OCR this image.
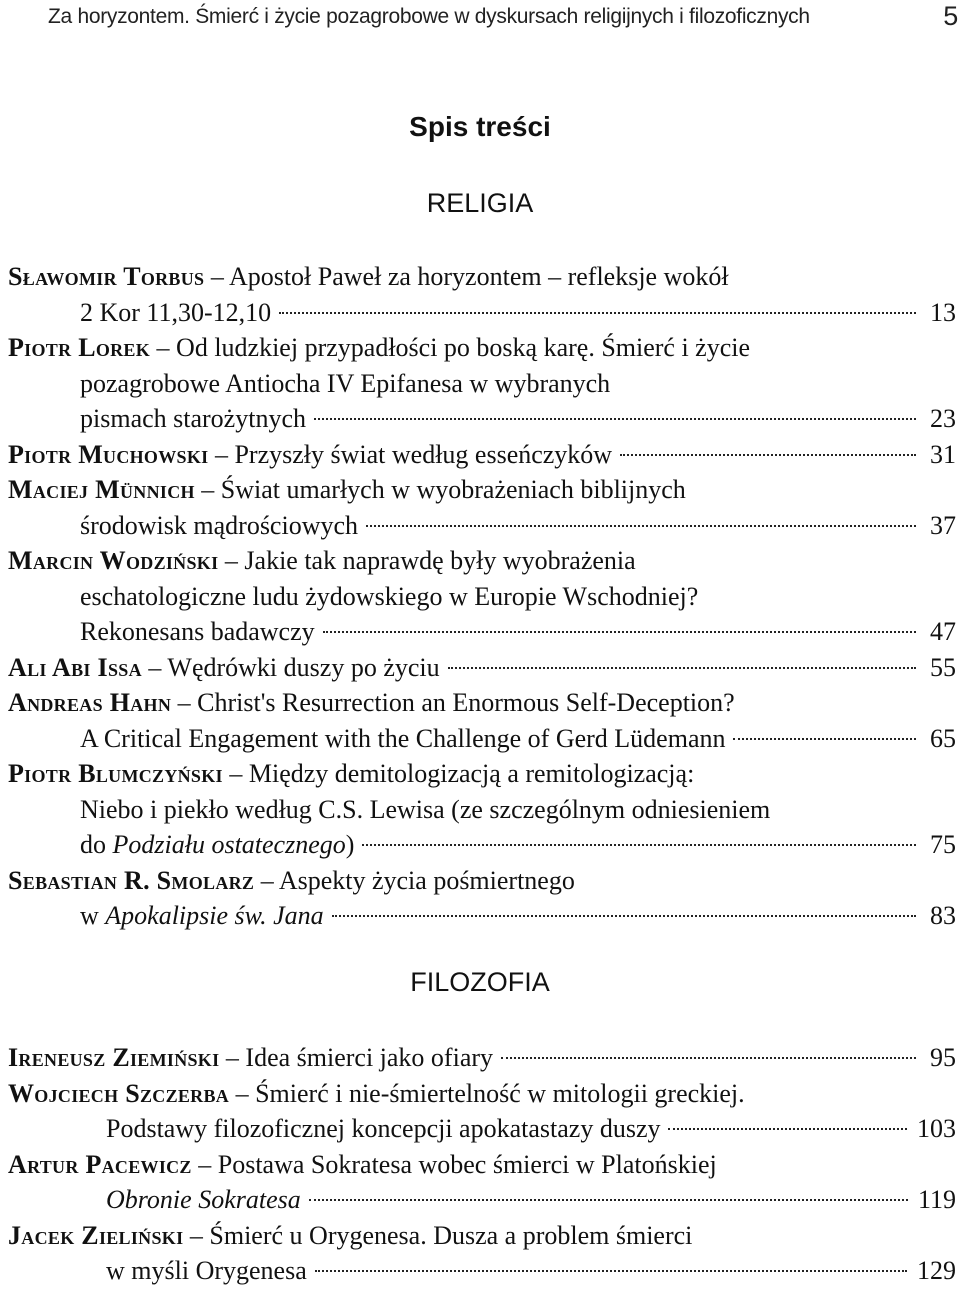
Za horyzontem. Śmierć i życie pozagrobowe w dyskursach religijnych i filozoficznych	5
Spis treści
RELIGIA
Sławomir Torbus – Apostoł Paweł za horyzontem – refleksje wokół
2 Kor 11,30-12,10	13
Piotr Lorek – Od ludzkiej przypadłości po boską karę. Śmierć i życie
pozagrobowe Antiocha IV Epifanesa w wybranych
pismach starożytnych	23
Piotr Muchowski – Przyszły świat według esseńczyków	31
Maciej Münnich – Świat umarłych w wyobrażeniach biblijnych
środowisk mądrościowych	37
Marcin Wodziński – Jakie tak naprawdę były wyobrażenia
eschatologiczne ludu żydowskiego w Europie Wschodniej?
Rekonesans badawczy	47
Ali Abi Issa – Wędrówki duszy po życiu	55
Andreas Hahn – Christ's Resurrection an Enormous Self-Deception?
A Critical Engagement with the Challenge of Gerd Lüdemann	65
Piotr Blumczyński – Między demitologizacją a remitologizacją:
Niebo i piekło według C.S. Lewisa (ze szczególnym odniesieniem
do Podziału ostatecznego)	75
Sebastian R. Smolarz – Aspekty życia pośmiertnego
w Apokalipsie św. Jana	83
FILOZOFIA
Ireneusz Ziemiński – Idea śmierci jako ofiary	95
Wojciech Szczerba – Śmierć i nie-śmiertelność w mitologii greckiej.
Podstawy filozoficznej koncepcji apokatastazy duszy	103
Artur Pacewicz – Postawa Sokratesa wobec śmierci w Platońskiej
Obronie Sokratesa	119
Jacek Zieliński – Śmierć u Orygenesa. Dusza a problem śmierci
w myśli Orygenesa	129
